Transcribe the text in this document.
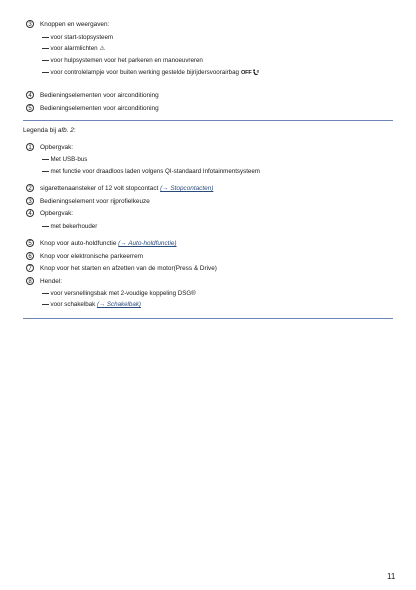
3	Knoppen en weergaven:
voor start-stopsysteem
voor alarmlichten ⚠
voor hulpsystemen voor het parkeren en manoeuvreren
voor controlelampje voor buiten werking gestelde bijrijdersvoorairbag OFF
4	Bedieningselementen voor airconditioning
5	Bedieningselementen voor airconditioning
Legenda bij afb. 2:
1	Opbergvak:
Met USB-bus
met functie voor draadloos laden volgens QI-standaard Infotainmentsysteem
2	sigarettenaansteker of 12 volt stopcontact (→ Stopcontacten)
3	Bedieningselement voor rijprofielkeuze
4	Opbergvak:
met bekerhouder
5	Knop voor auto-holdfunctie (→ Auto-holdfunctie)
6	Knop voor elektronische parkeerrem
7	Knop voor het starten en afzetten van de motor(Press & Drive)
8	Hendel:
voor versnellingsbak met 2-voudige koppeling DSG®
voor schakelbak (→ Schakelbak)
11
